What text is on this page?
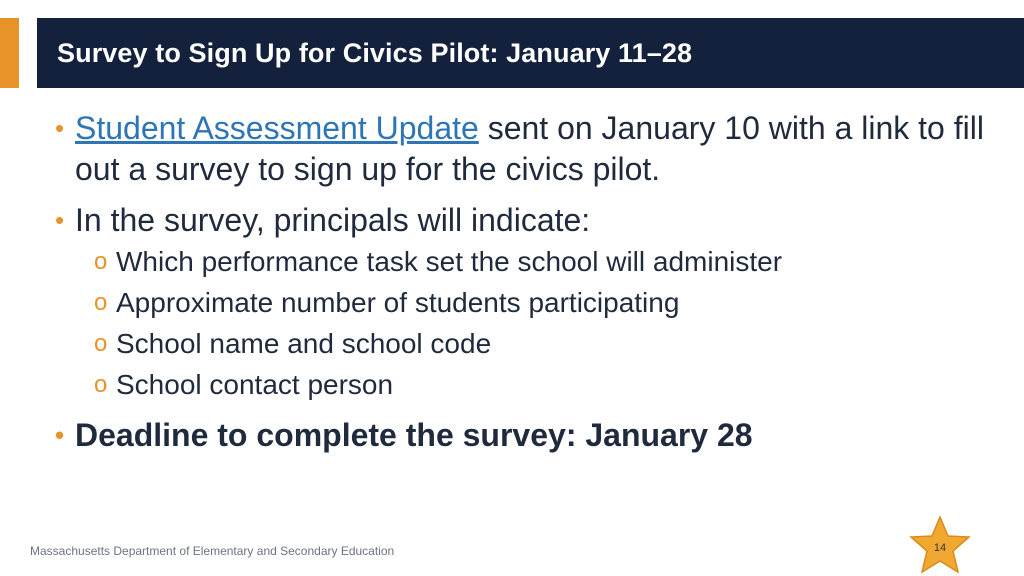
Survey to Sign Up for Civics Pilot: January 11–28
• Student Assessment Update sent on January 10 with a link to fill out a survey to sign up for the civics pilot.
• In the survey, principals will indicate:
o Which performance task set the school will administer
o Approximate number of students participating
o School name and school code
o School contact person
• Deadline to complete the survey: January 28
Massachusetts Department of Elementary and Secondary Education	14
